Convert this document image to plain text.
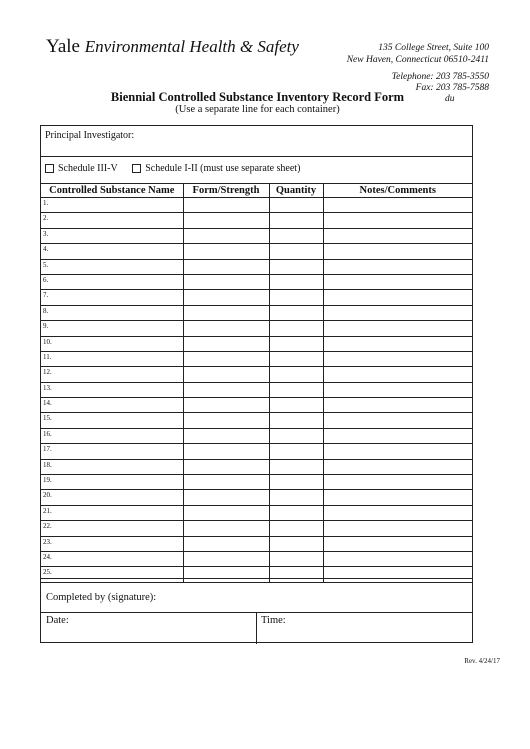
Yale Environmental Health & Safety	135 College Street, Suite 100
New Haven, Connecticut 06510-2411
Telephone: 203 785-3550
Fax: 203 785-7588
du
Biennial Controlled Substance Inventory Record Form
(Use a separate line for each container)
Principal Investigator:
Schedule III-V
	Schedule I-II (must use separate sheet)
Controlled Substance Name	Form/Strength	Quantity	Notes/Comments
1.			
2.			
3.			
4.			
5.			
6.			
7.			
8.			
9.			
10.			
11.			
12.			
13.			
14.			
15.			
16.			
17.			
18.			
19.			
20.			
21.			
22.			
23.			
24.			
25.			
Completed by (signature):
Date:	Time:
Rev. 4/24/17
